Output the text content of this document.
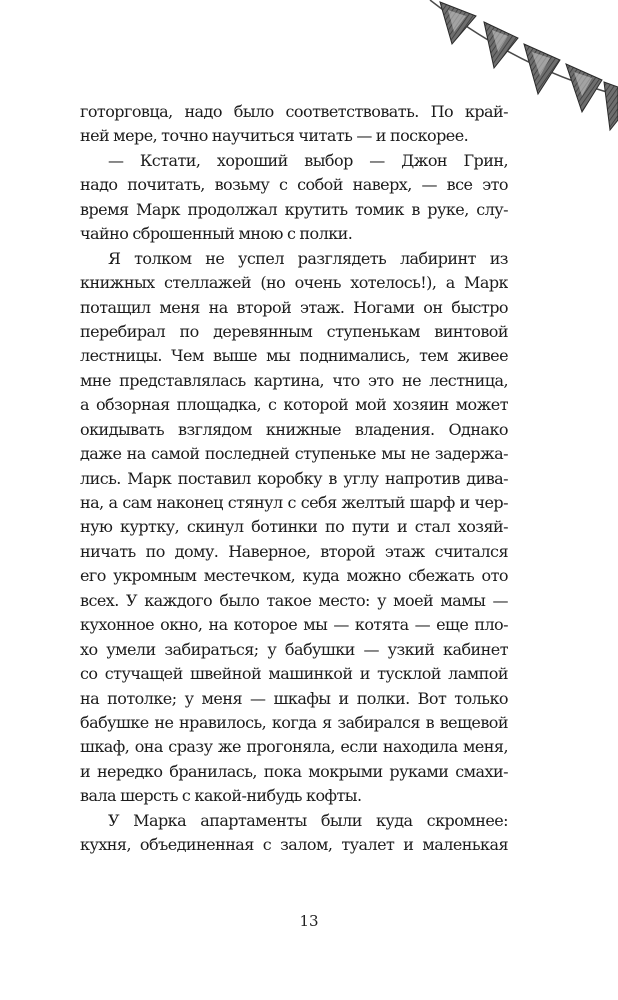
готорговца, надо было соответствовать. По край-
ней мере, точно научиться читать — и поскорее.
— Кстати, хороший выбор — Джон Грин,
надо почитать, возьму с собой наверх, — все это
время Марк продолжал крутить томик в руке, слу-
чайно сброшенный мною с полки.
Я толком не успел разглядеть лабиринт из
книжных стеллажей (но очень хотелось!), а Марк
потащил меня на второй этаж. Ногами он быстро
перебирал по деревянным ступенькам винтовой
лестницы. Чем выше мы поднимались, тем живее
мне представлялась картина, что это не лестница,
а обзорная площадка, с которой мой хозяин может
окидывать взглядом книжные владения. Однако
даже на самой последней ступеньке мы не задержа-
лись. Марк поставил коробку в углу напротив дива-
на, а сам наконец стянул с себя желтый шарф и чер-
ную куртку, скинул ботинки по пути и стал хозяй-
ничать по дому. Наверное, второй этаж считался
его укромным местечком, куда можно сбежать ото
всех. У каждого было такое место: у моей мамы —
кухонное окно, на которое мы — котята — еще пло-
хо умели забираться; у бабушки — узкий кабинет
со стучащей швейной машинкой и тусклой лампой
на потолке; у меня — шкафы и полки. Вот только
бабушке не нравилось, когда я забирался в вещевой
шкаф, она сразу же прогоняла, если находила меня,
и нередко бранилась, пока мокрыми руками смахи-
вала шерсть с какой-нибудь кофты.
У Марка апартаменты были куда скромнее:
кухня, объединенная с залом, туалет и маленькая
13
